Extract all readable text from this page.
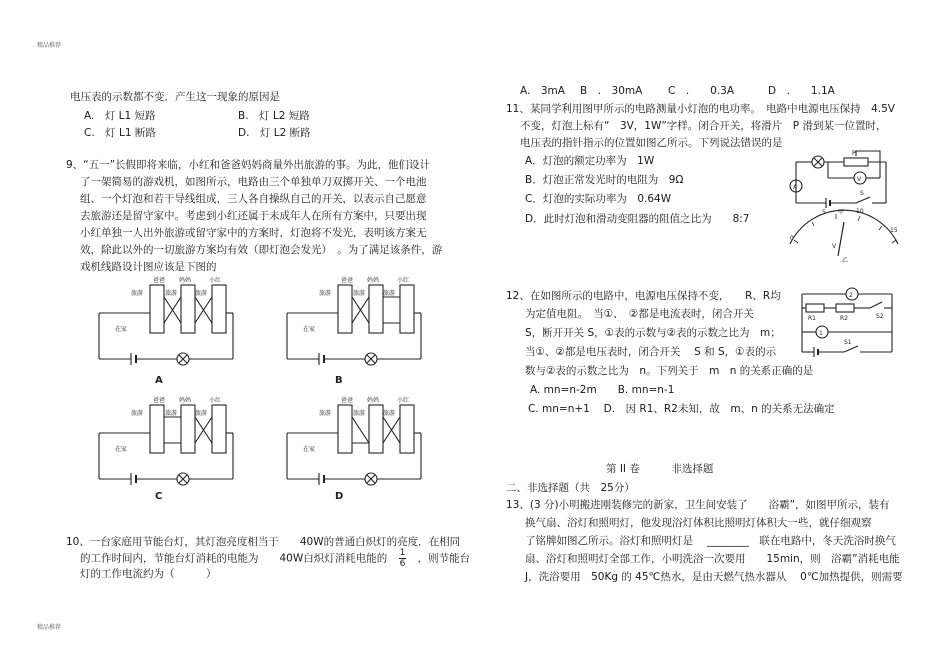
精品推荐
精品推荐
电压表的示数都不变．产生这一现象的原因是
A.　灯 L1 短路	B.　灯 L2 短路
C.　灯 L1 断路	D.　灯 L2 断路
9、“五一”长假即将来临，小红和爸爸妈妈商量外出旅游的事。为此，他们设计
了一架简易的游戏机，如图所示，电路由三个单独单刀双掷开关、一个电池
组、一个灯泡和若干导线组成，三人各自操纵自己的开关，以表示自己愿意
去旅游还是留守家中。考虑到小红还属于未成年人在所有方案中，只要出现
小红单独一人出外旅游或留守家中的方案时，灯泡将不发光，表明该方案无
效，除此以外的一切旅游方案均有效（即灯泡会发光）　。为了满足该条件，游
戏机线路设计图应该是下图的
爸爸 妈妈	小红
旅游	旅游	旅游
在家
A
爸爸 妈妈	小红
旅游	旅游	旅游
在家
B
爸爸 妈妈	小红
旅游	旅游	旅游
在家
C
爸爸 妈妈	小红
旅游	旅游	旅游
在家
D
10、一台家庭用节能台灯，其灯泡亮度相当于　　40W的普通白炽灯的亮度．在相同
的工作时间内，节能台灯消耗的电能为　　40W白炽灯消耗电能的 $\frac{1}{6}$ ，则节能台
灯的工作电流约为（　　　）
A.　3mA B　.　30mA C　.　　0.3A	D　.　　1.1A
11、某同学利用图甲所示的电路测量小灯泡的电功率。　电路中电源电压保持　4.5V
不变，灯泡上标有“　3V，1W”字样。闭合开关，将滑片　P 滑到某一位置时，
电压表的指针指示的位置如图乙所示。下列说法错误的是
A．灯泡的额定功率为　1W
B．灯泡正常发光时的电阻为　9Ω
C．灯泡的实际功率为　0.64W
D．此时灯泡和滑动变阻器的阻值之比为　　8:7
P
V
A
S
甲
0
5	10
15
V
乙
12、在如图所示的电路中，电源电压保持不变，　　R、R均
为定值电阻。　当①、　②都是电流表时，闭合开关
S，断开开关 S，①表的示数与②表的示数之比为　m；
当①、②都是电压表时，闭合开关　 S 和 S，①表的示
数与②表的示数之比为　n。下列关于　m　n 的关系正确的是
A. mn=n-2m　　B. mn=n-1
C. mn=n+1　 D.　因 R1、R2未知，故　m、n 的关系无法确定
2
R1	R2	S2
1
S1
第 II 卷　　　非选择题
二、非选择题（共　25分）
13、(3 分)小明搬进刚装修完的新家，卫生间安装了　　浴霸”，如图甲所示，装有
换气扇、浴灯和照明灯，他发现浴灯体积比照明灯体积大一些，就仔细观察
了铭牌如图乙所示。浴灯和照明灯是　 ________　联在电路中，冬天洗浴时换气
扇、浴灯和照明灯全部工作，小明洗浴一次要用　　15min，则　浴霸”消耗电能
J，洗浴要用　50Kg 的 45℃热水，是由天燃气热水器从　 0℃加热提供，则需要
